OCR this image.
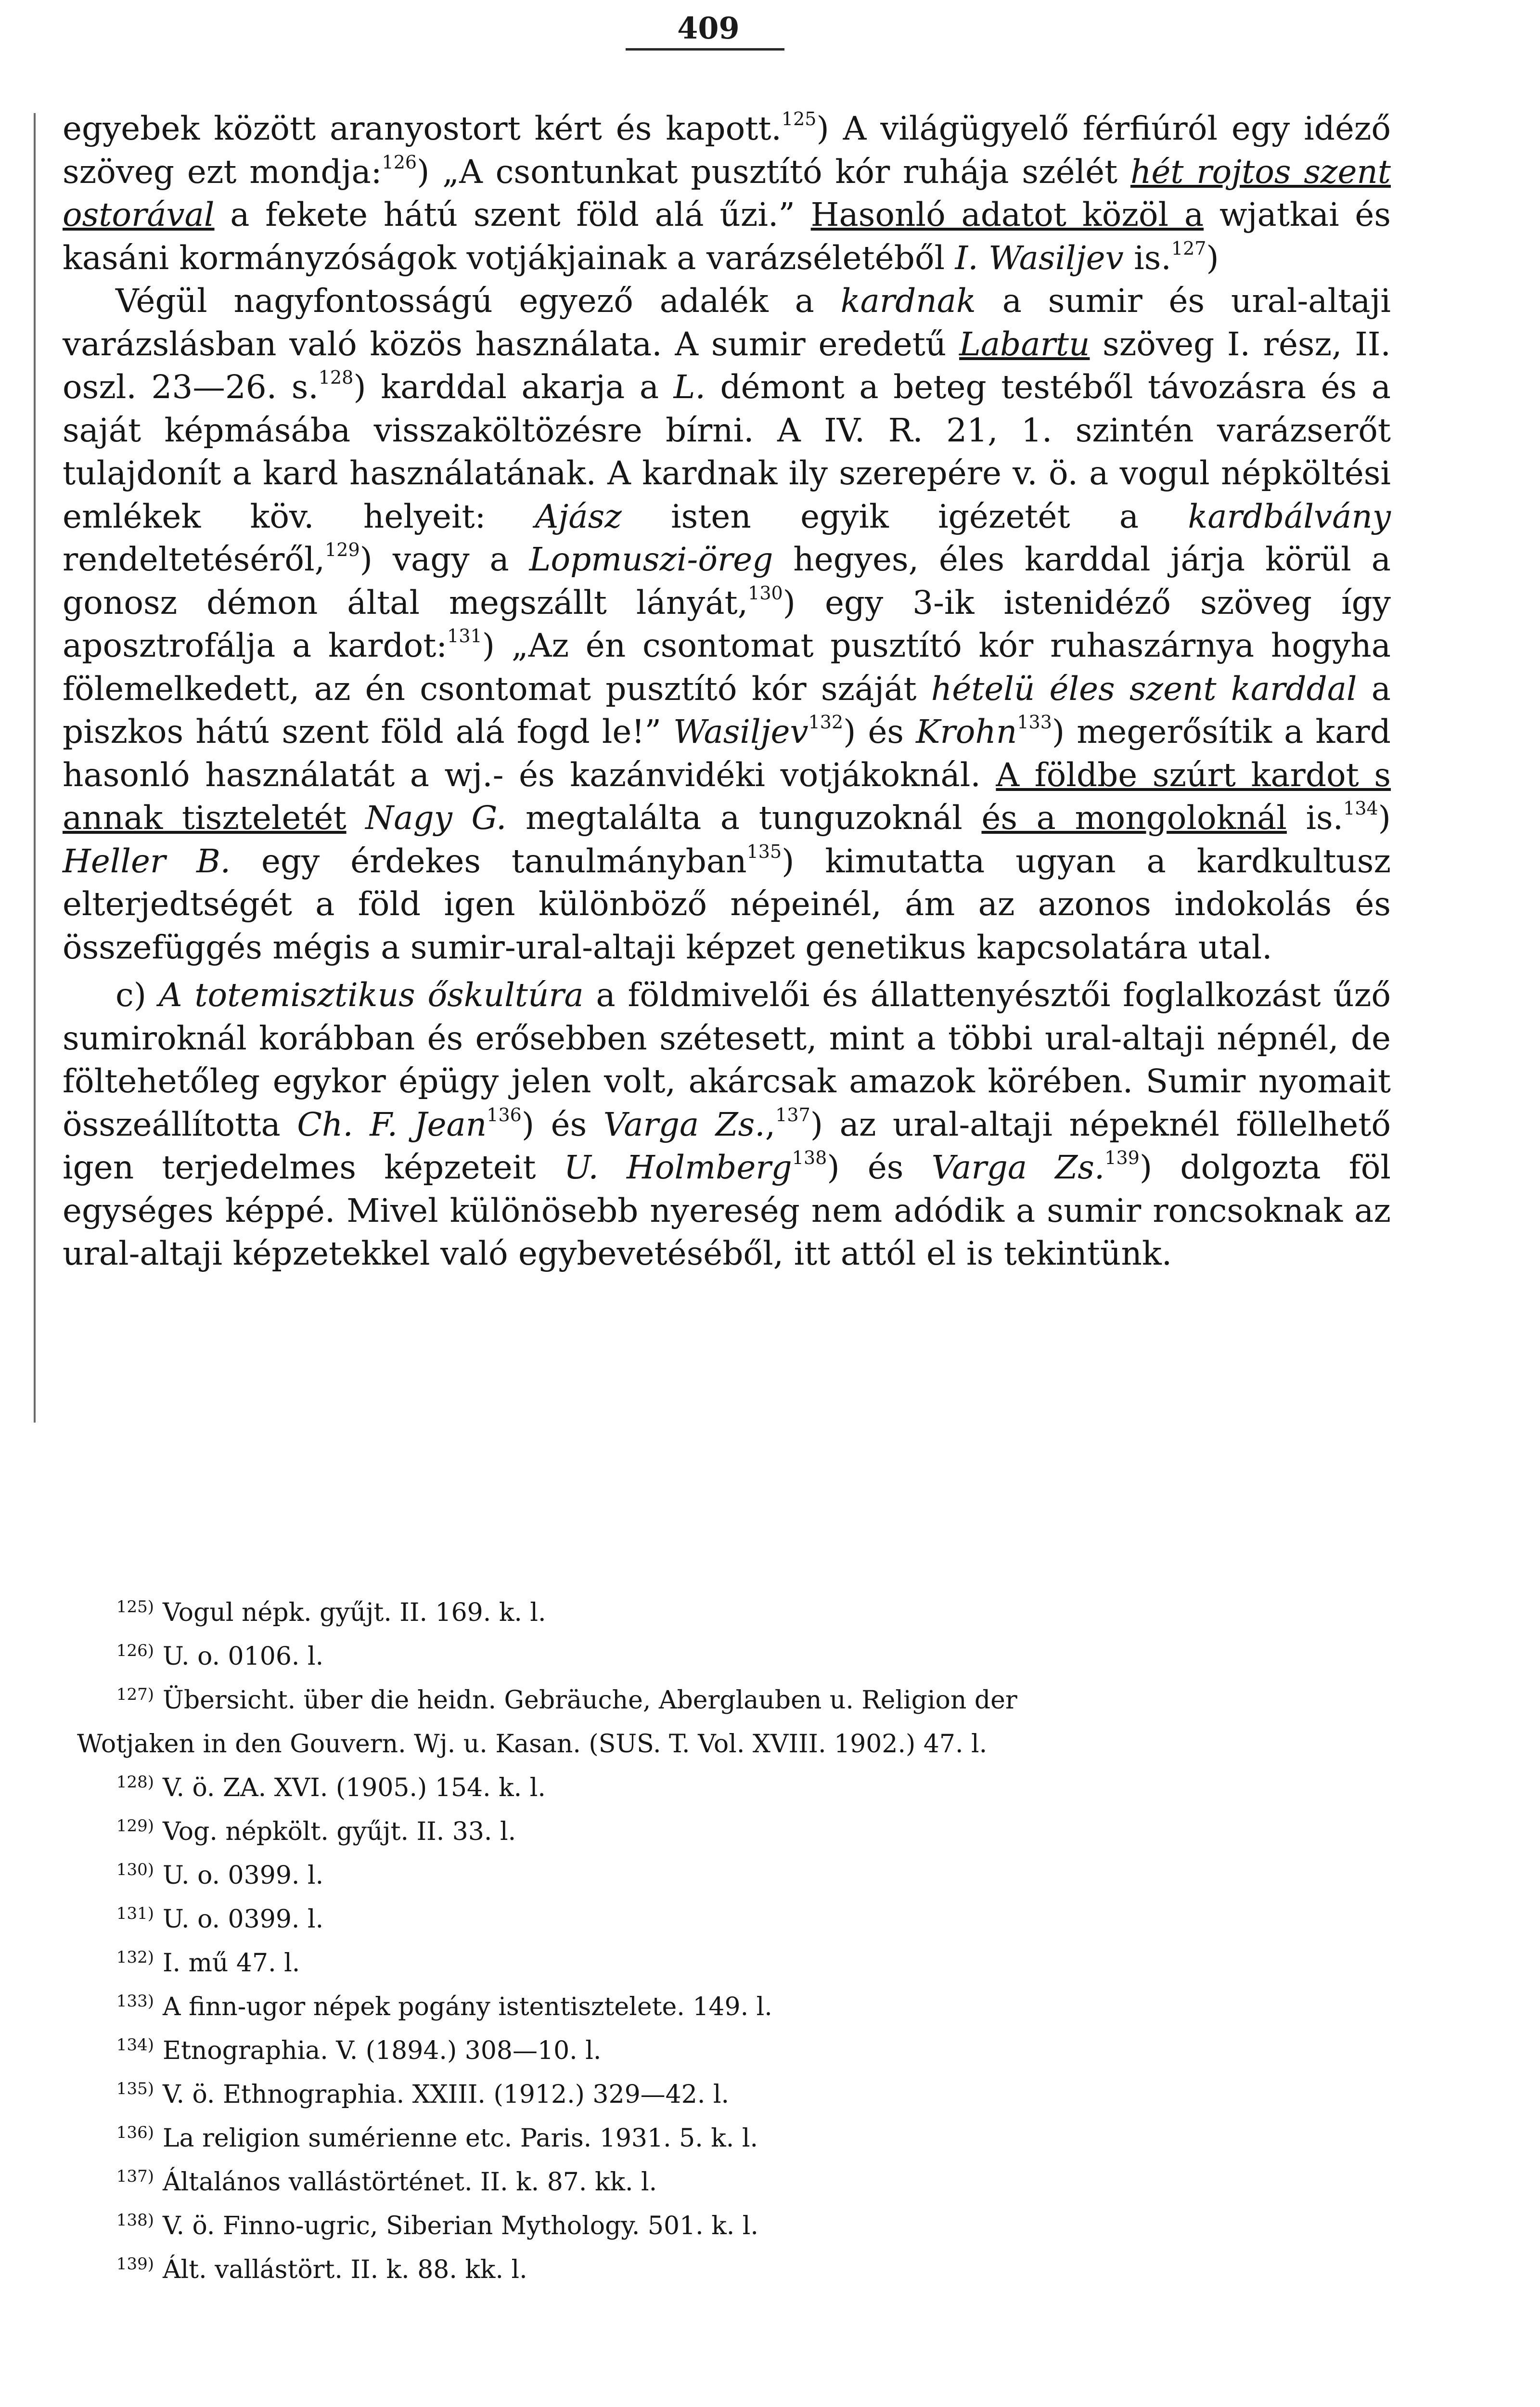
409

egyebek között aranyostort kért és kapott.$^{125}$) A világügyelő férfiúról egy idéző szöveg ezt mondja:$^{126}$) „A csontunkat pusztító kór ruhája szélét hét rojtos szent ostorával a fekete hátú szent föld alá űzi.” Hasonló adatot közöl a wjatkai és kasáni kormányzóságok votjákjainak a varázséletéből I. Wasiljev is.$^{127}$)

Végül nagyfontosságú egyező adalék a kardnak a sumir és ural-altaji varázslásban való közös használata. A sumir eredetű Labartu szöveg I. rész, II. oszl. 23—26. s.$^{128}$) karddal akarja a L. démont a beteg testéből távozásra és a saját képmásába visszaköltözésre bírni. A IV. R. 21, 1. szintén varázserőt tulajdonít a kard használatának. A kardnak ily szerepére v. ö. a vogul népköltési emlékek köv. helyeit: Ajász isten egyik igézetét a kardbálvány rendeltetéséről,$^{129}$) vagy a Lopmuszi-öreg hegyes, éles karddal járja körül a gonosz démon által megszállt lányát,$^{130}$) egy 3-ik istenidéző szöveg így aposztrofálja a kardot:$^{131}$) „Az én csontomat pusztító kór ruhaszárnya hogyha fölemelkedett, az én csontomat pusztító kór száját hételü éles szent karddal a piszkos hátú szent föld alá fogd le!” Wasiljev$^{132}$) és Krohn$^{133}$) megerősítik a kard hasonló használatát a wj.- és kazánvidéki votjákoknál. A földbe szúrt kardot s annak tiszteletét Nagy G. megtalálta a tunguzoknál és a mongoloknál is.$^{134}$) Heller B. egy érdekes tanulmányban$^{135}$) kimutatta ugyan a kardkultusz elterjedtségét a föld igen különböző népeinél, ám az azonos indokolás és összefüggés mégis a sumir-ural-altaji képzet genetikus kapcsolatára utal.

c) A totemisztikus őskultúra a földmivelői és állattenyésztői foglalkozást űző sumiroknál korábban és erősebben szétesett, mint a többi ural-altaji népnél, de föltehetőleg egykor épügy jelen volt, akárcsak amazok körében. Sumir nyomait összeállította Ch. F. Jean$^{136}$) és Varga Zs.,$^{137}$) az ural-altaji népeknél föllelhető igen terjedelmes képzeteit U. Holmberg$^{138}$) és Varga Zs.$^{139}$) dolgozta föl egységes képpé. Mivel különösebb nyereség nem adódik a sumir roncsoknak az ural-altaji képzetekkel való egybevetéséből, itt attól el is tekintünk.

125) Vogul népk. gyűjt. II. 169. k. l.
126) U. o. 0106. l.
127) Übersicht. über die heidn. Gebräuche, Aberglauben u. Religion der
Wotjaken in den Gouvern. Wj. u. Kasan. (SUS. T. Vol. XVIII. 1902.) 47. l.
128) V. ö. ZA. XVI. (1905.) 154. k. l.
129) Vog. népkölt. gyűjt. II. 33. l.
130) U. o. 0399. l.
131) U. o. 0399. l.
132) I. mű 47. l.
133) A finn-ugor népek pogány istentisztelete. 149. l.
134) Etnographia. V. (1894.) 308—10. l.
135) V. ö. Ethnographia. XXIII. (1912.) 329—42. l.
136) La religion sumérienne etc. Paris. 1931. 5. k. l.
137) Általános vallástörténet. II. k. 87. kk. l.
138) V. ö. Finno-ugric, Siberian Mythology. 501. k. l.
139) Ált. vallástört. II. k. 88. kk. l.
